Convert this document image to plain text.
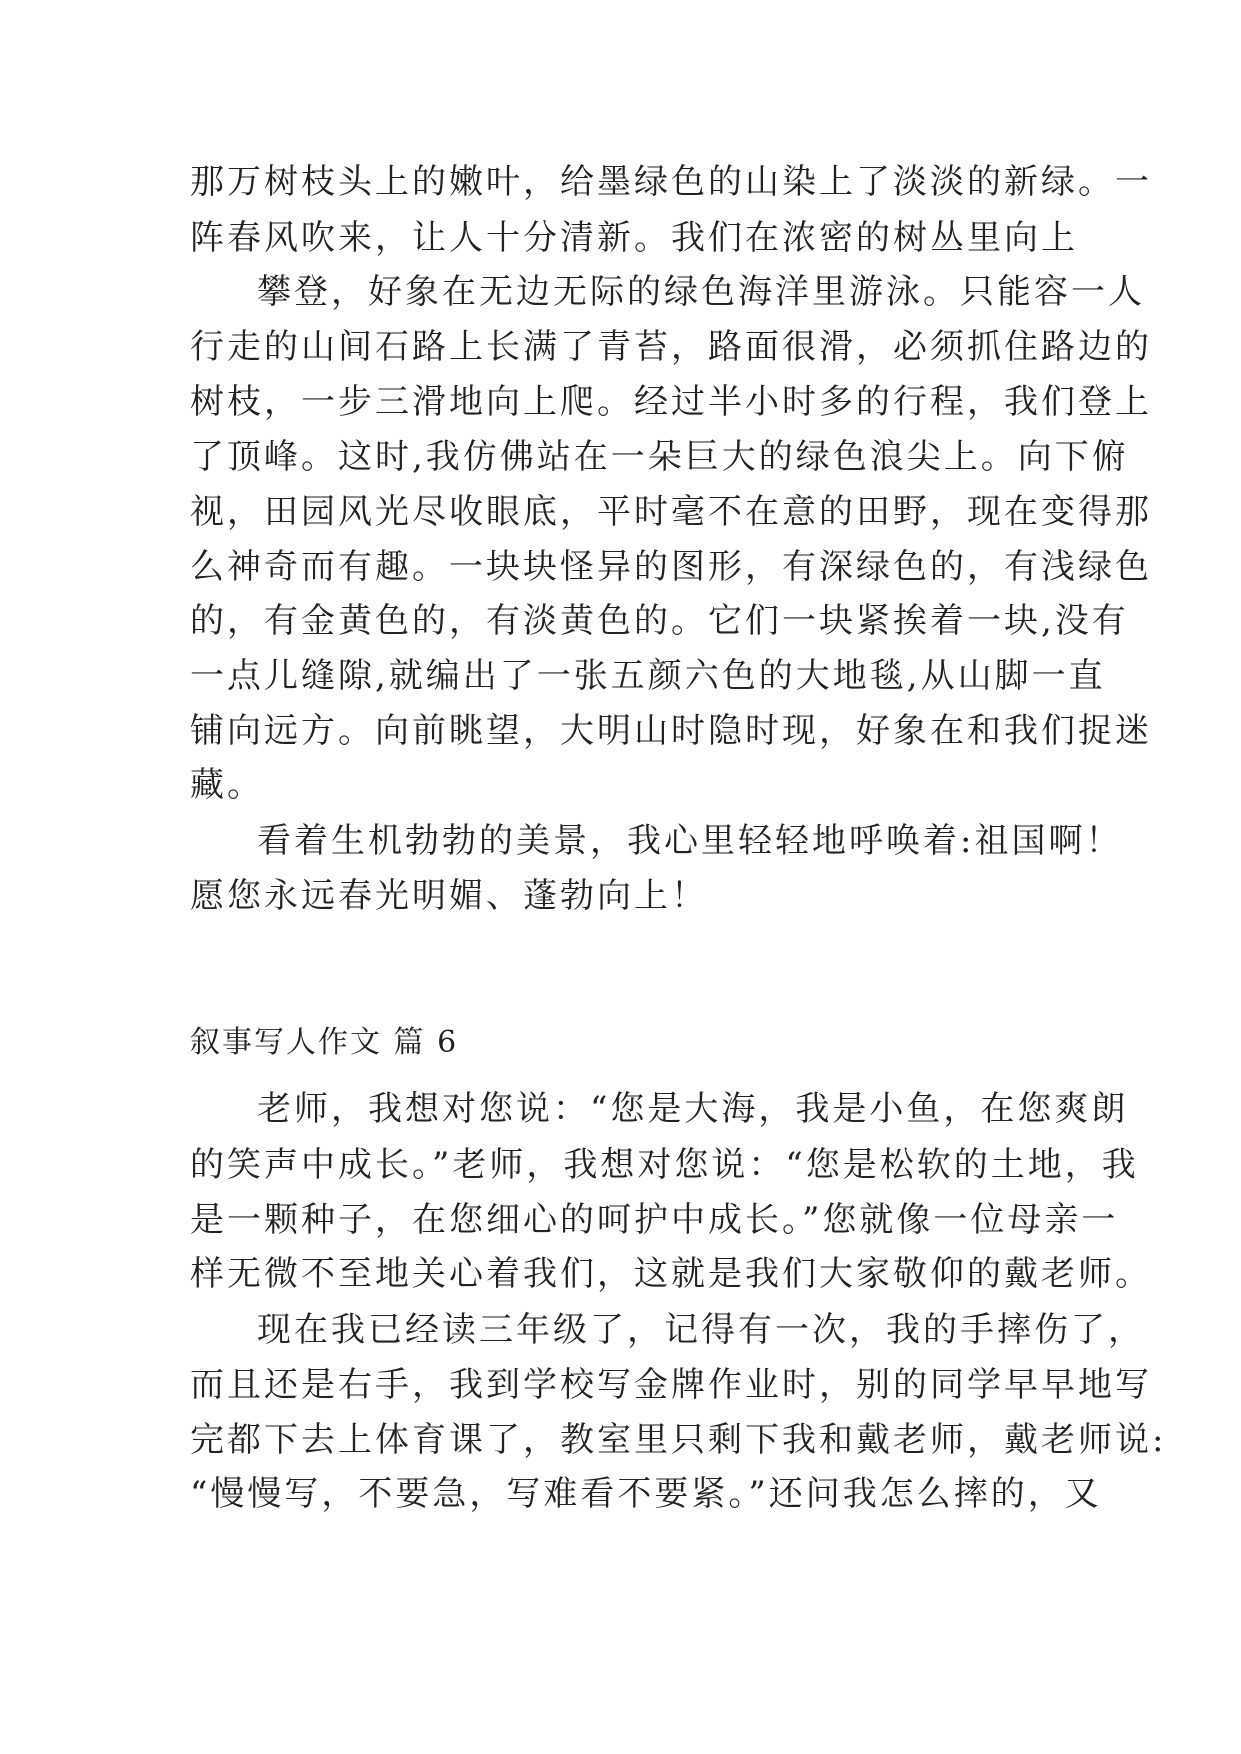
那万树枝头上的嫩叶，给墨绿色的山染上了淡淡的新绿。一
阵春风吹来，让人十分清新。我们在浓密的树丛里向上
攀登，好象在无边无际的绿色海洋里游泳。只能容一人
行走的山间石路上长满了青苔，路面很滑，必须抓住路边的
树枝，一步三滑地向上爬。经过半小时多的行程，我们登上
了顶峰。这时,我仿佛站在一朵巨大的绿色浪尖上。向下俯
视，田园风光尽收眼底，平时毫不在意的田野，现在变得那
么神奇而有趣。一块块怪异的图形，有深绿色的，有浅绿色
的，有金黄色的，有淡黄色的。它们一块紧挨着一块,没有
一点儿缝隙,就编出了一张五颜六色的大地毯,从山脚一直
铺向远方。向前眺望，大明山时隐时现，好象在和我们捉迷
藏。
看着生机勃勃的美景，我心里轻轻地呼唤着:祖国啊！
愿您永远春光明媚、蓬勃向上！
叙事写人作文 篇 6
老师，我想对您说：“您是大海，我是小鱼，在您爽朗
的笑声中成长。”老师，我想对您说：“您是松软的土地，我
是一颗种子，在您细心的呵护中成长。”您就像一位母亲一
样无微不至地关心着我们，这就是我们大家敬仰的戴老师。
现在我已经读三年级了，记得有一次，我的手摔伤了，
而且还是右手，我到学校写金牌作业时，别的同学早早地写
完都下去上体育课了，教室里只剩下我和戴老师，戴老师说:
“慢慢写，不要急，写难看不要紧。”还问我怎么摔的，又
